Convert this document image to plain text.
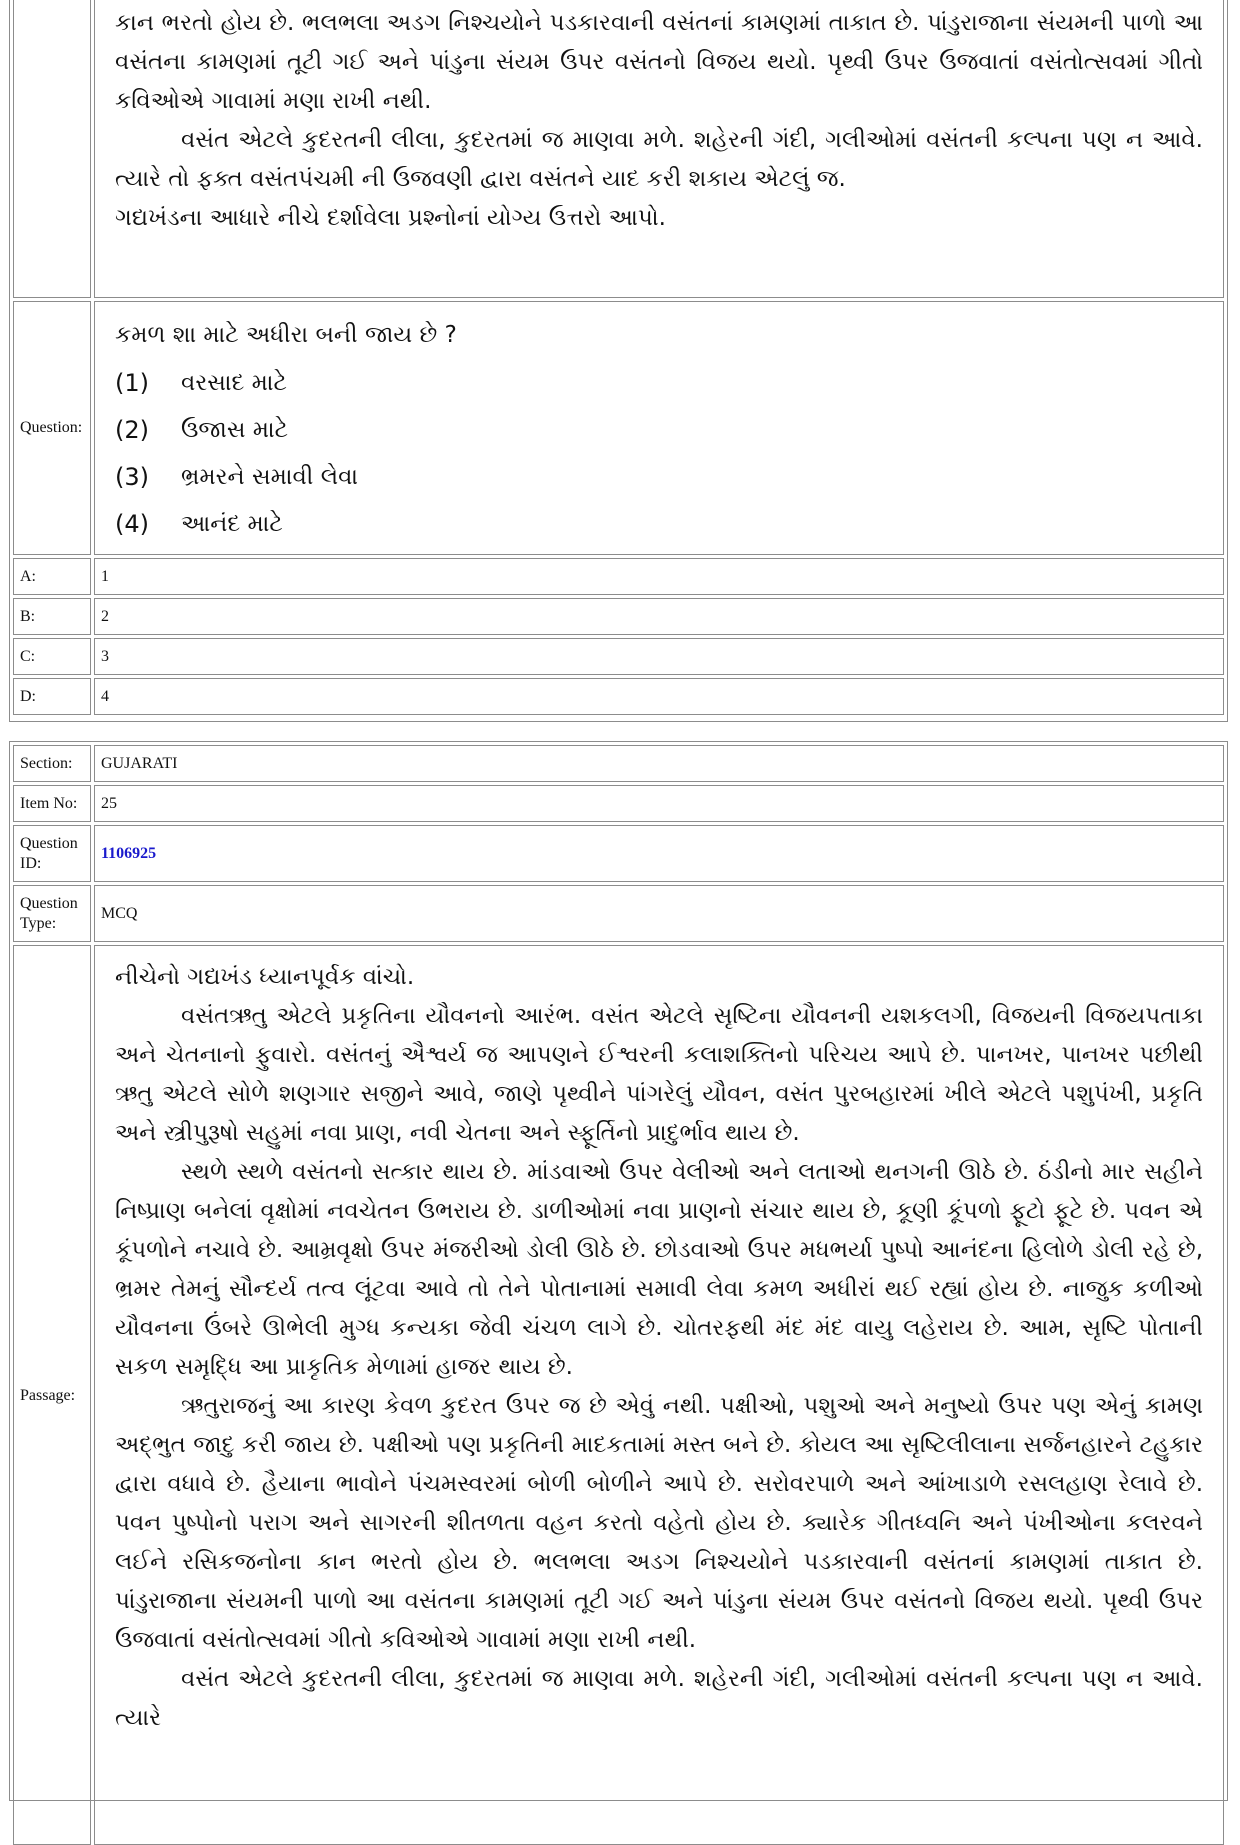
કાન ભરતો હોય છે. ભલભલા અડગ નિશ્ચયોને પડકારવાની વસંતનાં કામણમાં તાકાત છે. પાંડુરાજાના સંયમની પાળો આ વસંતના કામણમાં તૂટી ગઈ અને પાંડુના સંયમ ઉપર વસંતનો વિજય થયો. પૃથ્વી ઉપર ઉજવાતાં વસંતોત્સવમાં ગીતો કવિઓએ ગાવામાં મણા રાખી નથી.

વસંત એટલે કુદરતની લીલા, કુદરતમાં જ માણવા મળે. શહેરની ગંદી, ગલીઓમાં વસંતની કલ્પના પણ ન આવે. ત્યારે તો ફક્ત વસંતપંચમી ની ઉજવણી દ્વારા વસંતને યાદ કરી શકાય એટલું જ.

ગદ્યખંડના આધારે નીચે દર્શાવેલા પ્રશ્નોનાં યોગ્ય ઉત્તરો આપો.

Question:
કમળ શા માટે અધીરા બની જાય છે ?
(1)	વરસાદ માટે
(2)	ઉજાસ માટે
(3)	ભ્રમરને સમાવી લેવા
(4)	આનંદ માટે
A:	1
B:	2
C:	3
D:	4
Section:	GUJARATI
Item No:	25
Question ID:
1106925
Question Type:
MCQ
Passage:

નીચેનો ગદ્યખંડ ધ્યાનપૂર્વક વાંચો.

વસંતઋતુ એટલે પ્રકૃતિના યૌવનનો આરંભ. વસંત એટલે સૃષ્ટિના યૌવનની યશકલગી, વિજયની વિજયપતાકા અને ચેતનાનો ફુવારો. વસંતનું ઐશ્વર્ય જ આપણને ઈશ્વરની કલાશક્તિનો પરિચય આપે છે. પાનખર, પાનખર પછીથી ઋતુ એટલે સોળે શણગાર સજીને આવે, જાણે પૃથ્વીને પાંગરેલું યૌવન, વસંત પુરબહારમાં ખીલે એટલે પશુપંખી, પ્રકૃતિ અને સ્ત્રીપુરૂષો સહુમાં નવા પ્રાણ, નવી ચેતના અને સ્ફૂર્તિનો પ્રાદુર્ભાવ થાય છે.

સ્થળે સ્થળે વસંતનો સત્કાર થાય છે. માંડવાઓ ઉપર વેલીઓ અને લતાઓ થનગની ઊઠે છે. ઠંડીનો માર સહીને નિષ્પ્રાણ બનેલાં વૃક્ષોમાં નવચેતન ઉભરાય છે. ડાળીઓમાં નવા પ્રાણનો સંચાર થાય છે, કૂણી કૂંપળો ફૂટો ફૂટે છે. પવન એ કૂંપળોને નચાવે છે. આમ્રવૃક્ષો ઉપર મંજરીઓ ડોલી ઊઠે છે. છોડવાઓ ઉપર મધભર્યા પુષ્પો આનંદના હિલોળે ડોલી રહે છે, ભ્રમર તેમનું સૌન્દર્ય તત્વ લૂંટવા આવે તો તેને પોતાનામાં સમાવી લેવા કમળ અધીરાં થઈ રહ્યાં હોય છે. નાજુક કળીઓ યૌવનના ઉંબરે ઊભેલી મુગ્ધ કન્યકા જેવી ચંચળ લાગે છે. ચોતરફથી મંદ મંદ વાયુ લહેરાય છે. આમ, સૃષ્ટિ પોતાની સકળ સમૃદ્ધિ આ પ્રાકૃતિક મેળામાં હાજર થાય છે.

ઋતુરાજનું આ કારણ કેવળ કુદરત ઉપર જ છે એવું નથી. પક્ષીઓ, પશુઓ અને મનુષ્યો ઉપર પણ એનું કામણ અદ્ભુત જાદુ કરી જાય છે. પક્ષીઓ પણ પ્રકૃતિની માદકતામાં મસ્ત બને છે. કોયલ આ સૃષ્ટિલીલાના સર્જનહારને ટહુકાર દ્વારા વધાવે છે. હૈયાના ભાવોને પંચમસ્વરમાં બોળી બોળીને આપે છે. સરોવરપાળે અને આંખાડાળે રસલહાણ રેલાવે છે. પવન પુષ્પોનો પરાગ અને સાગરની શીતળતા વહન કરતો વહેતો હોય છે. ક્યારેક ગીતધ્વનિ અને પંખીઓના કલરવને લઈને રસિકજનોના કાન ભરતો હોય છે. ભલભલા અડગ નિશ્ચયોને પડકારવાની વસંતનાં કામણમાં તાકાત છે. પાંડુરાજાના સંયમની પાળો આ વસંતના કામણમાં તૂટી ગઈ અને પાંડુના સંયમ ઉપર વસંતનો વિજય થયો. પૃથ્વી ઉપર ઉજવાતાં વસંતોત્સવમાં ગીતો કવિઓએ ગાવામાં મણા રાખી નથી.

વસંત એટલે કુદરતની લીલા, કુદરતમાં જ માણવા મળે. શહેરની ગંદી, ગલીઓમાં વસંતની કલ્પના પણ ન આવે. ત્યારે
